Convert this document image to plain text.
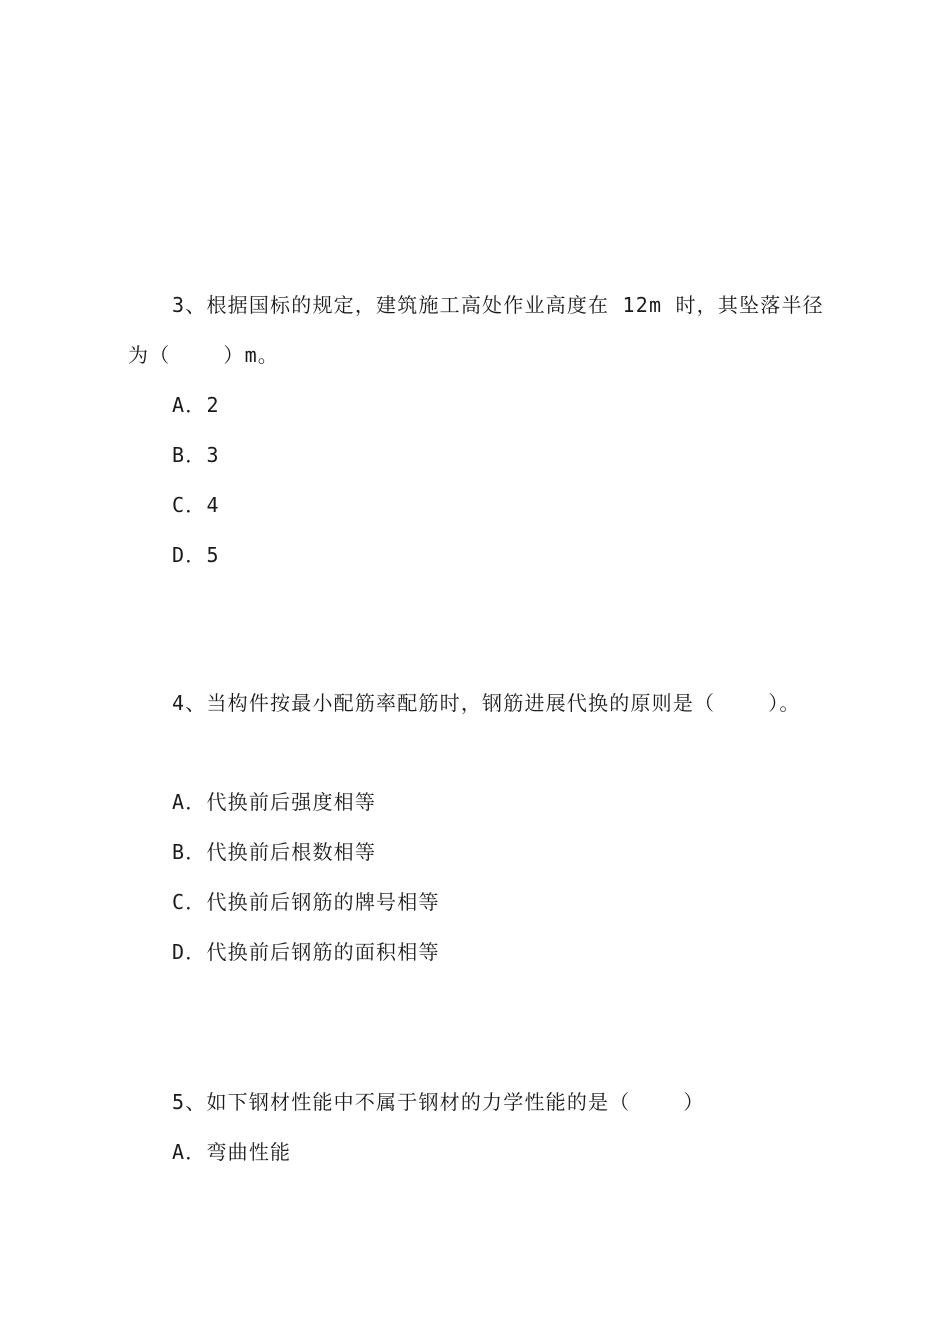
3、根据国标的规定，建筑施工高处作业高度在 12m 时，其坠落半径
为（    ）m。
A．2
B．3
C．4
D．5
4、当构件按最小配筋率配筋时，钢筋进展代换的原则是（    ）。
A．代换前后强度相等
B．代换前后根数相等
C．代换前后钢筋的牌号相等
D．代换前后钢筋的面积相等
5、如下钢材性能中不属于钢材的力学性能的是（    ）
A．弯曲性能
